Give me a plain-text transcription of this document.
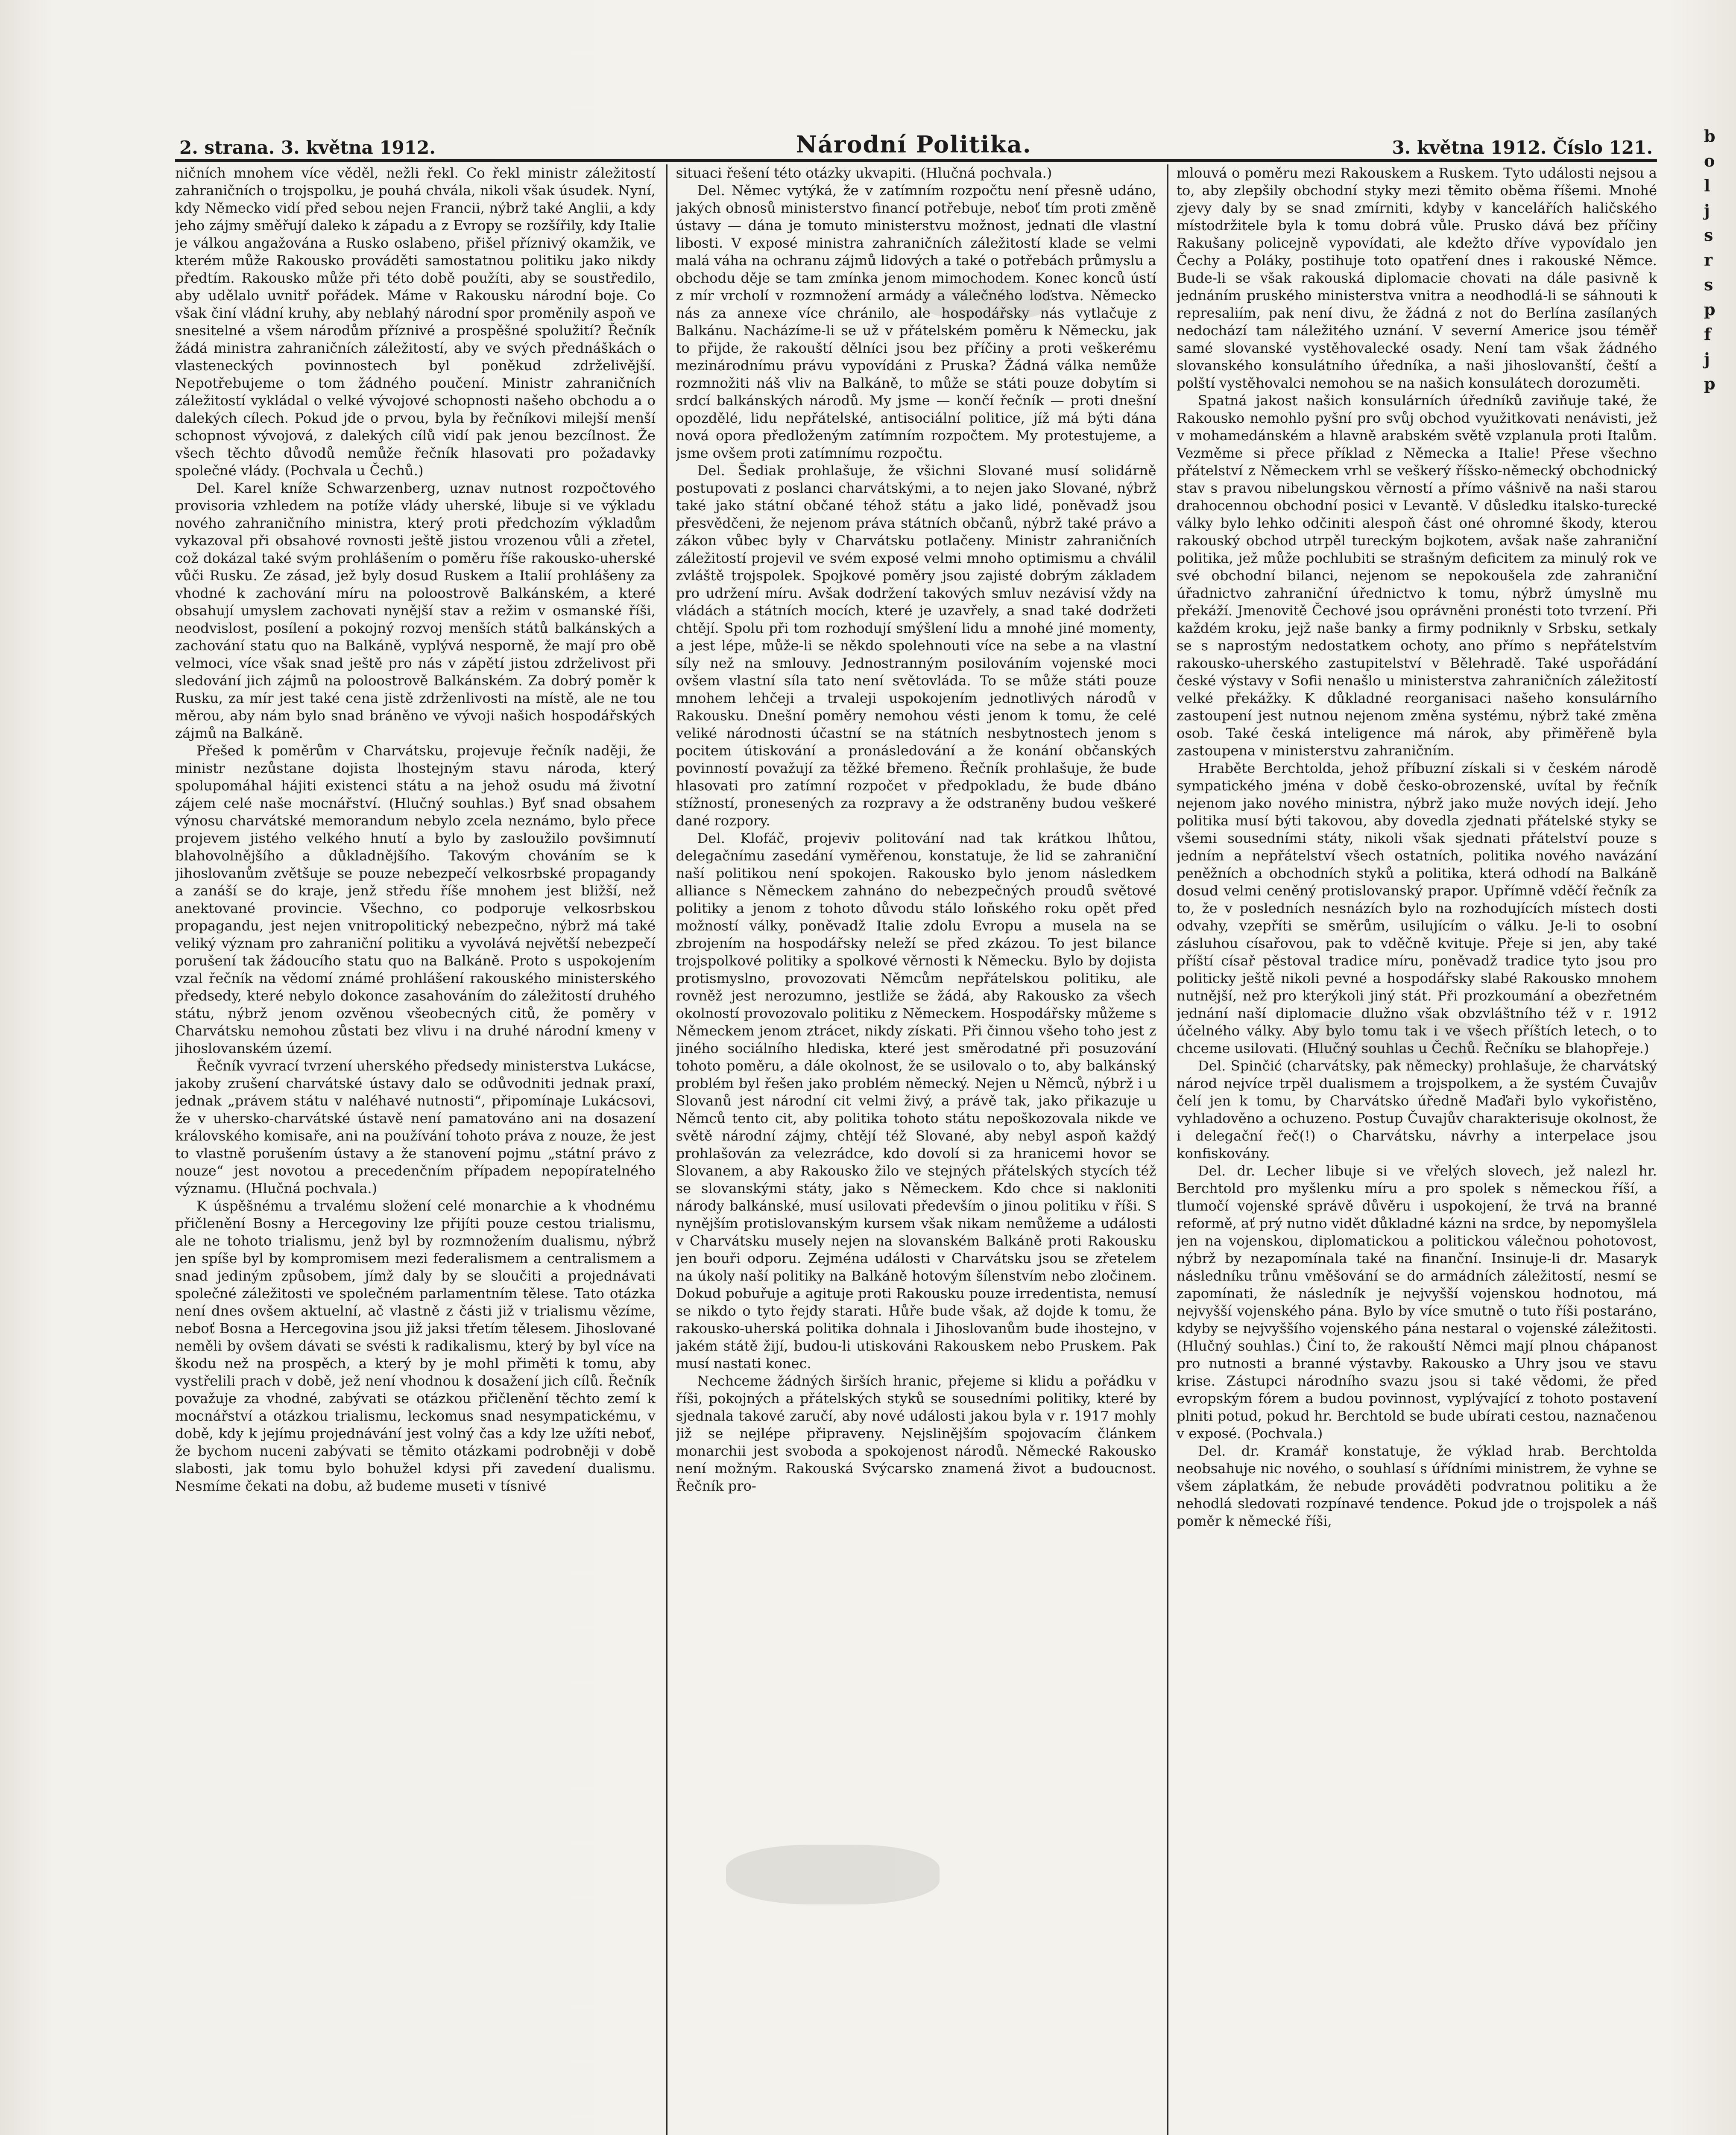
2. strana. 3. května 1912.	Národní Politika.	3. května 1912. Číslo 121.

ničních mnohem více věděl, nežli řekl. Co řekl ministr záležitostí zahraničních o trojspolku, je pouhá chvála, nikoli však úsudek. Nyní, kdy Německo vidí před sebou nejen Francii, nýbrž také Anglii, a kdy jeho zájmy směřují daleko k západu a z Evropy se rozšířily, kdy Italie je válkou angažována a Rusko oslabeno, přišel příznivý okamžik, ve kterém může Rakousko prováděti samostatnou politiku jako nikdy předtím. Rakousko může při této době použíti, aby se soustředilo, aby udělalo uvnitř pořádek. Máme v Rakousku národní boje. Co však činí vládní kruhy, aby neblahý národní spor proměnily aspoň ve snesitelné a všem národům příznivé a prospěšné spolužití? Řečník žádá ministra zahraničních záležitostí, aby ve svých přednáškách o vlasteneckých povinnostech byl poněkud zdrželivější. Nepotřebujeme o tom žádného poučení. Ministr zahraničních záležitostí vykládal o velké vývojové schopnosti našeho obchodu a o dalekých cílech. Pokud jde o prvou, byla by řečníkovi milejší menší schopnost vývojová, z dalekých cílů vidí pak jenou bezcílnost. Že všech těchto důvodů nemůže řečník hlasovati pro požadavky společné vlády. (Pochvala u Čechů.)

Del. Karel kníže Schwarzenberg, uznav nutnost rozpočtového provisoria vzhledem na potíže vlády uherské, libuje si ve výkladu nového zahraničního ministra, který proti předchozím výkladům vykazoval při obsahové rovnosti ještě jistou vrozenou vůli a zřetel, což dokázal také svým prohlášením o poměru říše rakousko-uherské vůči Rusku. Ze zásad, jež byly dosud Ruskem a Italií prohlášeny za vhodné k zachování míru na poloostrově Balkánském, a které obsahují umyslem zachovati nynější stav a režim v osmanské říši, neodvislost, posílení a pokojný rozvoj menších států balkánských a zachování statu quo na Balkáně, vyplývá nesporně, že mají pro obě velmoci, více však snad ještě pro nás v zápětí jistou zdrželivost při sledování jich zájmů na poloostrově Balkánském. Za dobrý poměr k Rusku, za mír jest také cena jistě zdrženlivosti na místě, ale ne tou měrou, aby nám bylo snad bráněno ve vývoji našich hospodářských zájmů na Balkáně.

Přešed k poměrům v Charvátsku, projevuje řečník naději, že ministr nezůstane dojista lhostejným stavu národa, který spolupomáhal hájiti existenci státu a na jehož osudu má životní zájem celé naše mocnářství. (Hlučný souhlas.) Byť snad obsahem výnosu charvátské memorandum nebylo zcela neznámo, bylo přece projevem jistého velkého hnutí a bylo by zasloužilo povšimnutí blahovolnějšího a důkladnějšího. Takovým chováním se k jihoslovanům zvětšuje se pouze nebezpečí velkosrbské propagandy a zanáší se do kraje, jenž středu říše mnohem jest bližší, než anektované provincie. Všechno, co podporuje velkosrbskou propagandu, jest nejen vnitropolitický nebezpečno, nýbrž má také veliký význam pro zahraniční politiku a vyvolává největší nebezpečí porušení tak žádoucího statu quo na Balkáně. Proto s uspokojením vzal řečník na vědomí známé prohlášení rakouského ministerského předsedy, které nebylo dokonce zasahováním do záležitostí druhého státu, nýbrž jenom ozvěnou všeobecných citů, že poměry v Charvátsku nemohou zůstati bez vlivu i na druhé národní kmeny v jihoslovanském území.

Řečník vyvrací tvrzení uherského předsedy ministerstva Lukácse, jakoby zrušení charvátské ústavy dalo se odůvodniti jednak praxí, jednak „právem státu v naléhavé nutnosti“, připomínaje Lukácsovi, že v uhersko-charvátské ústavě není pamatováno ani na dosazení královského komisaře, ani na používání tohoto práva z nouze, že jest to vlastně porušením ústavy a že stanovení pojmu „státní právo z nouze“ jest novotou a precedenčním případem nepopíratelného významu. (Hlučná pochvala.)

K úspěšnému a trvalému složení celé monarchie a k vhodnému přičlenění Bosny a Hercegoviny lze přijíti pouze cestou trialismu, ale ne tohoto trialismu, jenž byl by rozmnožením dualismu, nýbrž jen spíše byl by kompromisem mezi federalismem a centralismem a snad jediným způsobem, jímž daly by se sloučiti a projednávati společné záležitosti ve společném parlamentním tělese. Tato otázka není dnes ovšem aktuelní, ač vlastně z části již v trialismu vězíme, neboť Bosna a Hercegovina jsou již jaksi třetím tělesem. Jihoslované neměli by ovšem dávati se svésti k radikalismu, který by byl více na škodu než na prospěch, a který by je mohl přiměti k tomu, aby vystřelili prach v době, jež není vhodnou k dosažení jich cílů. Řečník považuje za vhodné, zabývati se otázkou přičlenění těchto zemí k mocnářství a otázkou trialismu, leckomus snad nesympatickému, v době, kdy k jejímu projednávání jest volný čas a kdy lze užíti neboť, že bychom nuceni zabývati se těmito otázkami podrobněji v době slabosti, jak tomu bylo bohužel kdysi při zavedení dualismu. Nesmíme čekati na dobu, až budeme museti v tísnivé

situaci řešení této otázky ukvapiti. (Hlučná pochvala.)

Del. Němec vytýká, že v zatímním rozpočtu není přesně udáno, jakých obnosů ministerstvo financí potřebuje, neboť tím proti změně ústavy — dána je tomuto ministerstvu možnost, jednati dle vlastní libosti. V exposé ministra zahraničních záležitostí klade se velmi malá váha na ochranu zájmů lidových a také o potřebách průmyslu a obchodu děje se tam zmínka jenom mimochodem. Konec konců ústí z mír vrcholí v rozmnožení armády a válečného loďstva. Německo nás za annexe více chránilo, ale hospodářsky nás vytlačuje z Balkánu. Nacházíme-li se už v přátelském poměru k Německu, jak to přijde, že rakouští dělníci jsou bez příčiny a proti veškerému mezinárodnímu právu vypovídáni z Pruska? Žádná válka nemůže rozmnožiti náš vliv na Balkáně, to může se státi pouze dobytím si srdcí balkánských národů. My jsme — končí řečník — proti dnešní opozdělé, lidu nepřátelské, antisociální politice, jíž má býti dána nová opora předloženým zatímním rozpočtem. My protestujeme, a jsme ovšem proti zatímnímu rozpočtu.

Del. Šediak prohlašuje, že všichni Slované musí solidárně postupovati z poslanci charvátskými, a to nejen jako Slované, nýbrž také jako státní občané téhož státu a jako lidé, poněvadž jsou přesvědčeni, že nejenom práva státních občanů, nýbrž také právo a zákon vůbec byly v Charvátsku potlačeny. Ministr zahraničních záležitostí projevil ve svém exposé velmi mnoho optimismu a chválil zvláště trojspolek. Spojkové poměry jsou zajisté dobrým základem pro udržení míru. Avšak dodržení takových smluv nezávisí vždy na vládách a státních mocích, které je uzavřely, a snad také dodržeti chtějí. Spolu při tom rozhodují smýšlení lidu a mnohé jiné momenty, a jest lépe, může-li se někdo spolehnouti více na sebe a na vlastní síly než na smlouvy. Jednostranným posilováním vojenské moci ovšem vlastní síla tato není světovláda. To se může státi pouze mnohem lehčeji a trvaleji uspokojením jednotlivých národů v Rakousku. Dnešní poměry nemohou vésti jenom k tomu, že celé veliké národnosti účastní se na státních nesbytnostech jenom s pocitem útiskování a pronásledování a že konání občanských povinností považují za těžké břemeno. Řečník prohlašuje, že bude hlasovati pro zatímní rozpočet v předpokladu, že bude dbáno stížností, pronesených za rozpravy a že odstraněny budou veškeré dané rozpory.

Del. Klofáč, projeviv politování nad tak krátkou lhůtou, delegačnímu zasedání vyměřenou, konstatuje, že lid se zahraniční naší politikou není spokojen. Rakousko bylo jenom následkem alliance s Německem zahnáno do nebezpečných proudů světové politiky a jenom z tohoto důvodu stálo loňského roku opět před možností války, poněvadž Italie zdolu Evropu a musela na se zbrojením na hospodářsky neleží se před zkázou. To jest bilance trojspolkové politiky a spolkové věrnosti k Německu. Bylo by dojista protismyslno, provozovati Němcům nepřátelskou politiku, ale rovněž jest nerozumno, jestliže se žádá, aby Rakousko za všech okolností provozovalo politiku z Německem. Hospodářsky můžeme s Německem jenom ztrácet, nikdy získati. Při činnou všeho toho jest z jiného sociálního hlediska, které jest směrodatné při posuzování tohoto poměru, a dále okolnost, že se usilovalo o to, aby balkánský problém byl řešen jako problém německý. Nejen u Němců, nýbrž i u Slovanů jest národní cit velmi živý, a právě tak, jako přikazuje u Němců tento cit, aby politika tohoto státu nepoškozovala nikde ve světě národní zájmy, chtějí též Slované, aby nebyl aspoň každý prohlašován za velezrádce, kdo dovolí si za hranicemi hovor se Slovanem, a aby Rakousko žilo ve stejných přátelských stycích též se slovanskými státy, jako s Německem. Kdo chce si nakloniti národy balkánské, musí usilovati především o jinou politiku v říši. S nynějším protislovanským kursem však nikam nemůžeme a události v Charvátsku musely nejen na slovanském Balkáně proti Rakousku jen bouři odporu. Zejména události v Charvátsku jsou se zřetelem na úkoly naší politiky na Balkáně hotovým šílenstvím nebo zločinem. Dokud pobuřuje a agituje proti Rakousku pouze irredentista, nemusí se nikdo o tyto řejdy starati. Hůře bude však, až dojde k tomu, že rakousko-uherská politika dohnala i Jihoslovanům bude ihostejno, v jakém státě žijí, budou-li utiskováni Rakouskem nebo Pruskem. Pak musí nastati konec.

Nechceme žádných širších hranic, přejeme si klidu a pořádku v říši, pokojných a přátelských styků se sousedními politiky, které by sjednala takové zaručí, aby nové události jakou byla v r. 1917 mohly již se nejlépe připraveny. Nejslinějším spojovacím článkem monarchii jest svoboda a spokojenost národů. Německé Rakousko není možným. Rakouská Svýcarsko znamená život a budoucnost. Řečník pro-

mlouvá o poměru mezi Rakouskem a Ruskem. Tyto události nejsou a to, aby zlepšily obchodní styky mezi těmito oběma říšemi. Mnohé zjevy daly by se snad zmírniti, kdyby v kancelářích haličského místodržitele byla k tomu dobrá vůle. Prusko dává bez příčiny Rakušany policejně vypovídati, ale kdežto dříve vypovídalo jen Čechy a Poláky, postihuje toto opatření dnes i rakouské Němce. Bude-li se však rakouská diplomacie chovati na dále pasivně k jednáním pruského ministerstva vnitra a neodhodlá-li se sáhnouti k represaliím, pak není divu, že žádná z not do Berlína zasílaných nedochází tam náležitého uznání. V severní Americe jsou téměř samé slovanské vystěhovalecké osady. Není tam však žádného slovanského konsulátního úředníka, a naši jihoslovanští, čeští a polští vystěhovalci nemohou se na našich konsulátech dorozuměti.

Spatná jakost našich konsulárních úředníků zaviňuje také, že Rakousko nemohlo pyšní pro svůj obchod využitkovati nenávisti, jež v mohamedánském a hlavně arabském světě vzplanula proti Italům. Vezměme si přece příklad z Německa a Italie! Přese všechno přátelství z Německem vrhl se veškerý říšsko-německý obchodnický stav s pravou nibelungskou věrností a přímo vášnivě na naši starou drahocennou obchodní posici v Levantě. V důsledku italsko-turecké války bylo lehko odčiniti alespoň část oné ohromné škody, kterou rakouský obchod utrpěl tureckým bojkotem, avšak naše zahraniční politika, jež může pochlubiti se strašným deficitem za minulý rok ve své obchodní bilanci, nejenom se nepokoušela zde zahraniční úřadnictvo zahraniční úřednictvo k tomu, nýbrž úmyslně mu překáží. Jmenovitě Čechové jsou oprávněni pronésti toto tvrzení. Při každém kroku, jejž naše banky a firmy podniknly v Srbsku, setkaly se s naprostým nedostatkem ochoty, ano přímo s nepřátelstvím rakousko-uherského zastupitelství v Bělehradě. Také uspořádání české výstavy v Sofii nenašlo u ministerstva zahraničních záležitostí velké překážky. K důkladné reorganisaci našeho konsulárního zastoupení jest nutnou nejenom změna systému, nýbrž také změna osob. Také česká inteligence má nárok, aby přiměřeně byla zastoupena v ministerstvu zahraničním.

Hraběte Berchtolda, jehož příbuzní získali si v českém národě sympatického jména v době česko-obrozenské, uvítal by řečník nejenom jako nového ministra, nýbrž jako muže nových idejí. Jeho politika musí býti takovou, aby dovedla zjednati přátelské styky se všemi sousedními státy, nikoli však sjednati přátelství pouze s jedním a nepřátelství všech ostatních, politika nového navázání peněžních a obchodních styků a politika, která odhodí na Balkáně dosud velmi ceněný protislovanský prapor. Upřímně vděčí řečník za to, že v posledních nesnázích bylo na rozhodujících místech dosti odvahy, vzepříti se směrům, usilujícím o válku. Je-li to osobní zásluhou císařovou, pak to vděčně kvituje. Přeje si jen, aby také příští císař pěstoval tradice míru, poněvadž tradice tyto jsou pro politicky ještě nikoli pevné a hospodářsky slabé Rakousko mnohem nutnější, než pro kterýkoli jiný stát. Při prozkoumání a obezřetném jednání naší diplomacie dlužno však obzvláštního též v r. 1912 účelného války. Aby bylo tomu tak i ve všech příštích letech, o to chceme usilovati. (Hlučný souhlas u Čechů. Řečníku se blahopřeje.)

Del. Spinčić (charvátsky, pak německy) prohlašuje, že charvátský národ nejvíce trpěl dualismem a trojspolkem, a že systém Čuvajův čelí jen k tomu, by Charvátsko úředně Maďaři bylo vykořistěno, vyhladověno a ochuzeno. Postup Čuvajův charakterisuje okolnost, že i delegační řeč(!) o Charvátsku, návrhy a interpelace jsou konfiskovány.

Del. dr. Lecher libuje si ve vřelých slovech, jež nalezl hr. Berchtold pro myšlenku míru a pro spolek s německou říší, a tlumočí vojenské správě důvěru i uspokojení, že trvá na branné reformě, ať prý nutno vidět důkladné kázni na srdce, by nepomyšlela jen na vojenskou, diplomatickou a politickou válečnou pohotovost, nýbrž by nezapomínala také na finanční. Insinuje-li dr. Masaryk následníku trůnu vměšování se do armádních záležitostí, nesmí se zapomínati, že následník je nejvyšší vojenskou hodnotou, má nejvyšší vojenského pána. Bylo by více smutně o tuto říši postaráno, kdyby se nejvyššího vojenského pána nestaral o vojenské záležitosti. (Hlučný souhlas.) Činí to, že rakouští Němci mají plnou chápanost pro nutnosti a branné výstavby. Rakousko a Uhry jsou ve stavu krise. Zástupci národního svazu jsou si také vědomi, že před evropským fórem a budou povinnost, vyplývající z tohoto postavení plniti potud, pokud hr. Berchtold se bude ubírati cestou, naznačenou v exposé. (Pochvala.)

Del. dr. Kramář konstatuje, že výklad hrab. Berchtolda neobsahuje nic nového, o souhlasí s úřídními ministrem, že vyhne se všem záplatkám, že nebude prováděti podvratnou politiku a že nehodlá sledovati rozpínavé tendence. Pokud jde o trojspolek a náš poměr k německé říši,

b
o
l
j
s
r
s
p
f
j
p
